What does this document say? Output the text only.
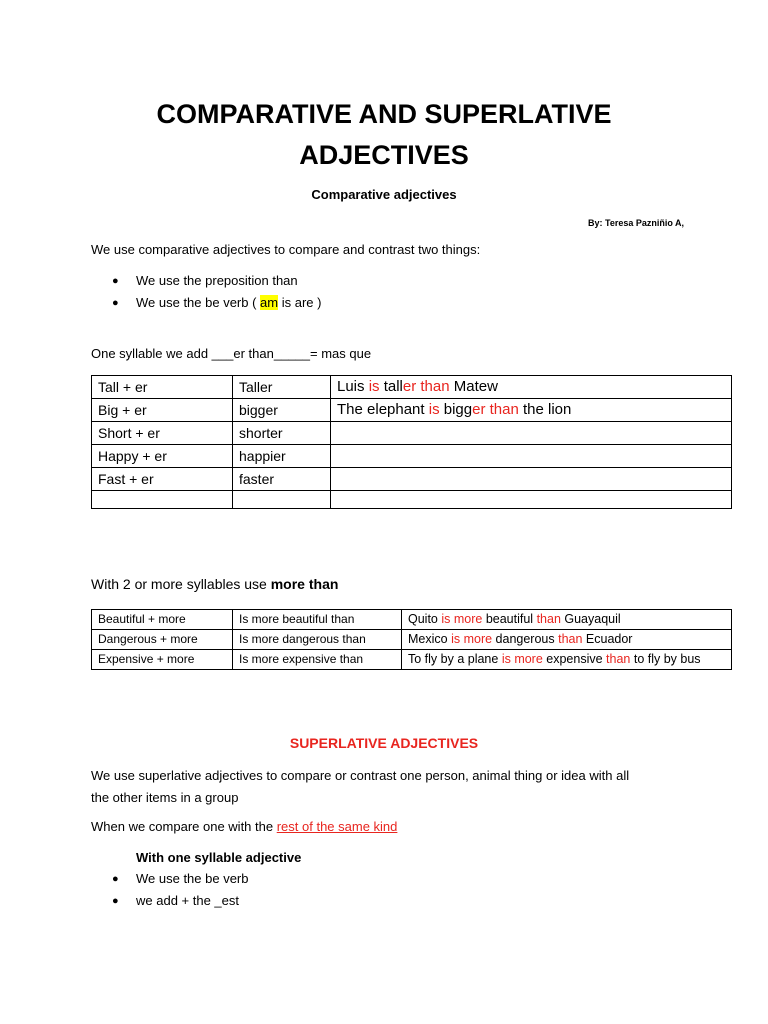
COMPARATIVE AND SUPERLATIVE
ADJECTIVES
Comparative adjectives
By: Teresa Pazniñio A,
We use comparative adjectives to compare and contrast two things:
● We use the preposition than
● We use the be verb ( am is are )
One syllable we add ___er than_____= mas que
Tall + er	Taller	Luis is taller than Matew
Big + er	bigger	The elephant is bigger than the lion
Short + er	shorter	
Happy + er	happier	
Fast + er	faster	

With 2 or more syllables use more than
Beautiful + more	Is more beautiful than	Quito is more beautiful than Guayaquil
Dangerous + more	Is more dangerous than	Mexico is more dangerous than Ecuador
Expensive + more	Is more expensive than	To fly by a plane is more expensive than to fly by bus
SUPERLATIVE ADJECTIVES
We use superlative adjectives to compare or contrast one person, animal thing or idea with all
the other items in a group
When we compare one with the rest of the same kind
With one syllable adjective
● We use the be verb
● we add + the _est
